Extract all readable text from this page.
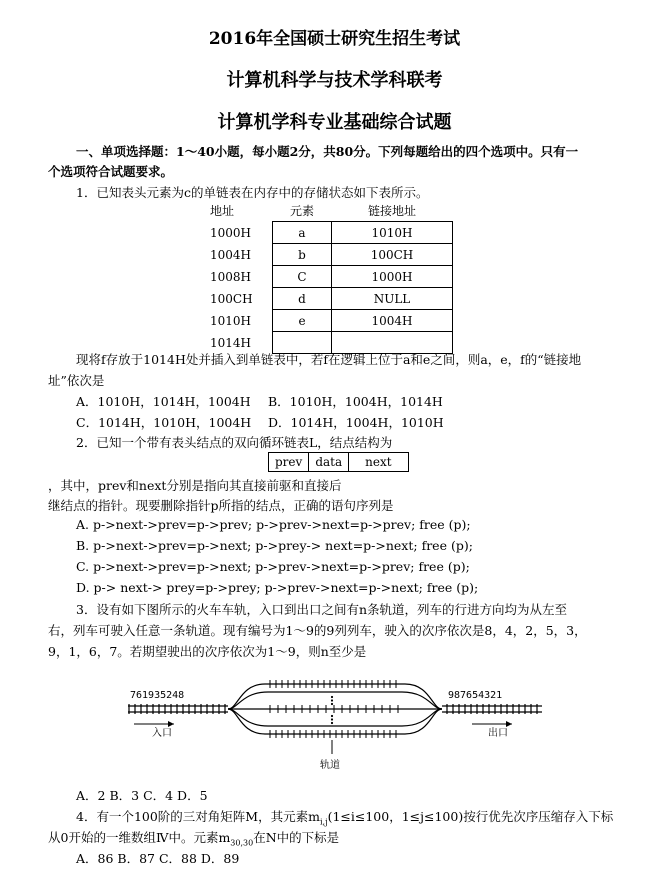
2016年全国硕士研究生招生考试
计算机科学与技术学科联考
计算机学科专业基础综合试题
一、单项选择题：1～40小题，每小题2分，共80分。下列每题给出的四个选项中。只有一
个选项符合试题要求。
1．已知表头元素为c的单链表在内存中的存储状态如下表所示。
地址	元素	链接地址
1000H	a	1010H
1004H	b	100CH
1008H	C	1000H
100CH	d	NULL
1010H	e	1004H
1014H		
现将f存放于1014H处并插入到单链表中，若f在逻辑上位于a和e之间，则a，e，f的“链接地
址”依次是
A．1010H，1014H，1004H B．1010H，1004H，1014H
C．1014H，1010H，1004H D．1014H，1004H，1010H
2．已知一个带有表头结点的双向循环链表L，结点结构为
prev	data	next
，其中，prev和next分别是指向其直接前驱和直接后
继结点的指针。现要删除指针p所指的结点，正确的语句序列是
A. p->next->prev=p->prev; p->prev->next=p->prev; free (p);
B. p->next->prev=p->next; p->prey-> next=p->next; free (p);
C. p->next->prev=p->next; p->prev->next=p->prev; free (p);
D. p-> next-> prey=p->prey; p->prev->next=p->next; free (p);
3．设有如下图所示的火车车轨，入口到出口之间有n条轨道，列车的行进方向均为从左至
右，列车可驶入任意一条轨道。现有编号为1～9的9列列车，驶入的次序依次是8，4，2，5，3，
9，1，6，7。若期望驶出的次序依次为1～9，则n至少是
761935248	987654321
入口	出口
轨道
A．2 B．3 C．4 D．5
4．有一个100阶的三对角矩阵M，其元素$m_{i,j}(1\le i\le 100$，1≤j≤100)按行优先次序压缩存入下标
从0开始的一维数组Ⅳ中。元素$m_{30,30}$在N中的下标是
A．86 B．87 C．88 D．89
